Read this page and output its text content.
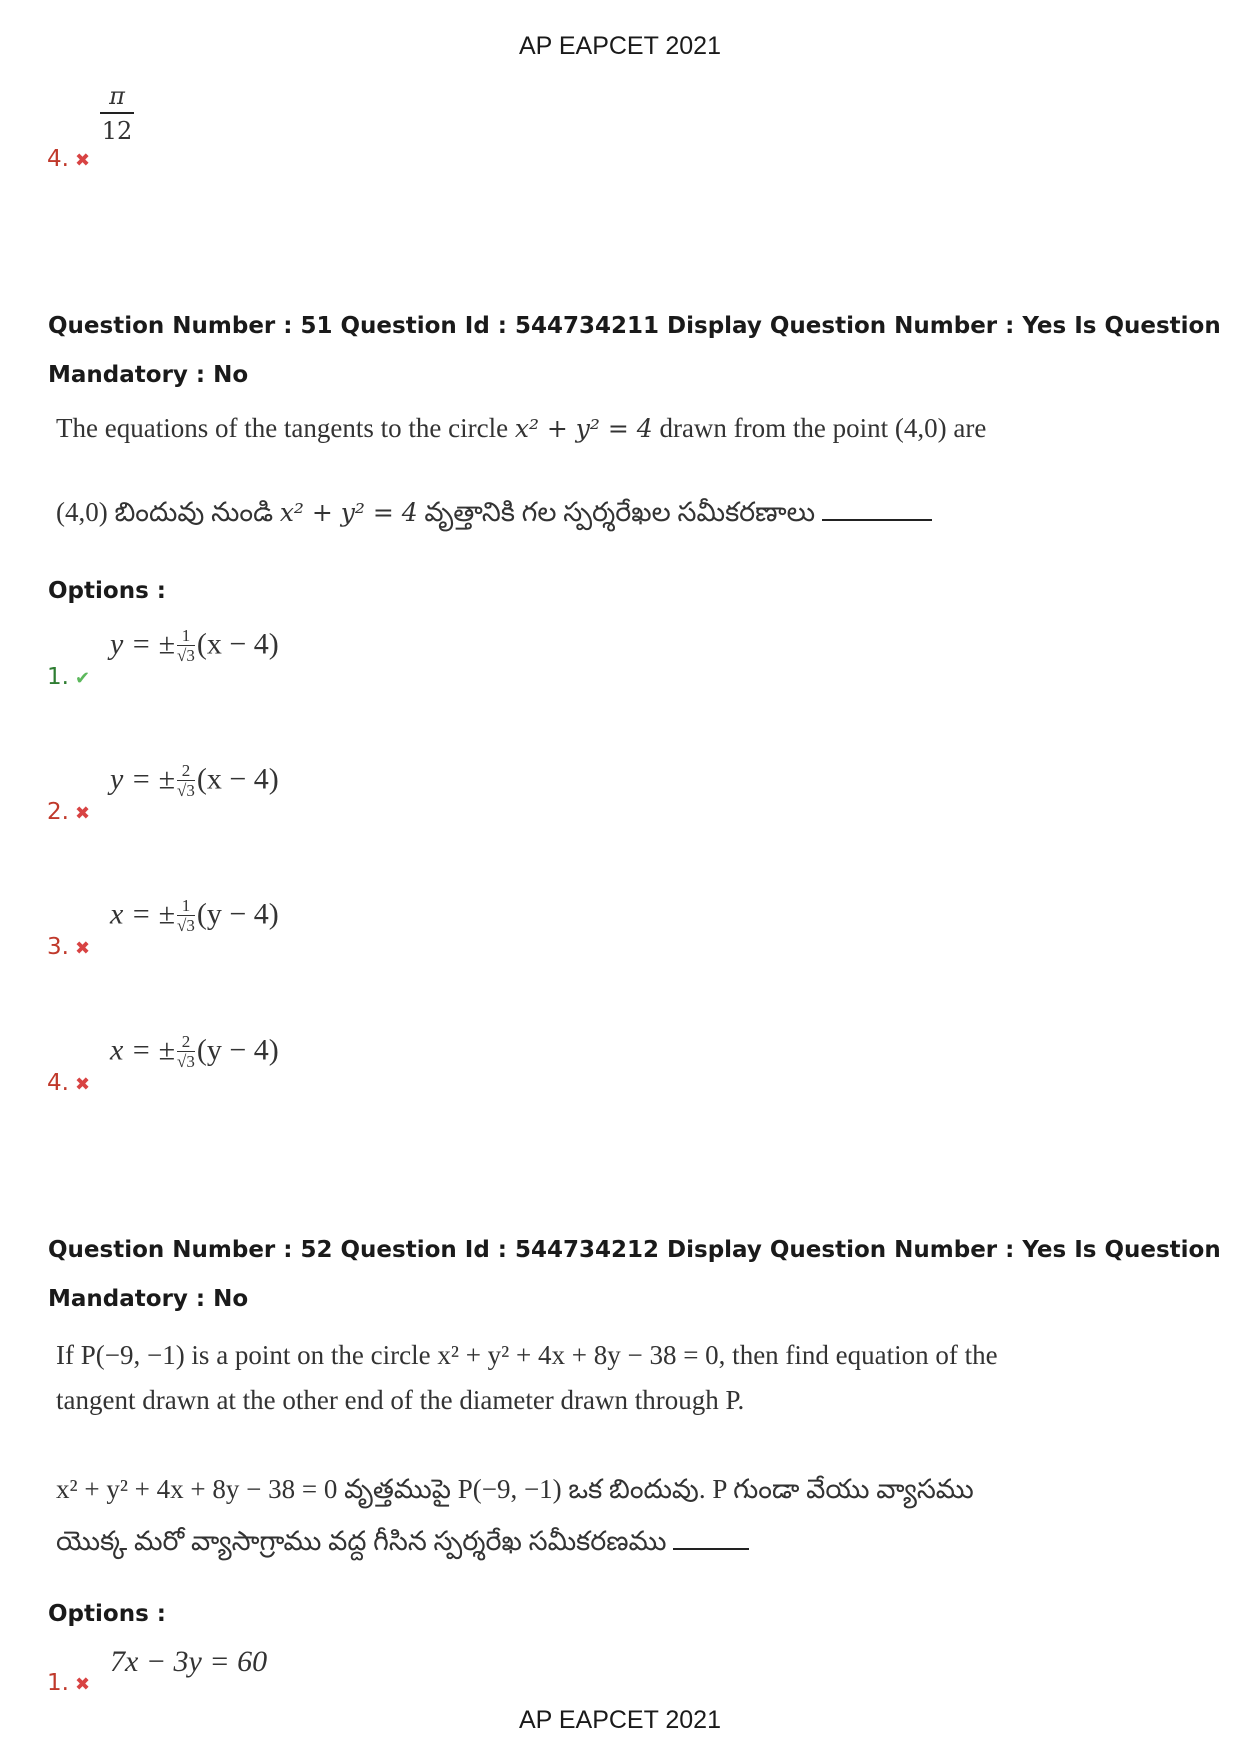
AP EAPCET 2021
4. ✖
$\frac{\pi}{12}$
Question Number : 51 Question Id : 544734211 Display Question Number : Yes Is Question
Mandatory : No
The equations of the tangents to the circle x² + y² = 4 drawn from the point (4,0) are
(4,0) బిందువు నుండి x² + y² = 4 వృత్తానికి గల స్పర్శరేఖల సమీకరణాలు
Options :
1. ✔
y = ± $\frac{1}{√3} (x - 4)$
2. ✖
y = ± $\frac{2}{√3} (x - 4)$
3. ✖
x = ± $\frac{1}{√3} (y - 4)$
4. ✖
x = ± $\frac{2}{√3} (y - 4)$
Question Number : 52 Question Id : 544734212 Display Question Number : Yes Is Question
Mandatory : No
If P(−9, −1) is a point on the circle x² + y² + 4x + 8y − 38 = 0, then find equation of the
tangent drawn at the other end of the diameter drawn through P.
x² + y² + 4x + 8y − 38 = 0 వృత్తముపై P(−9, −1) ఒక బిందువు. P గుండా వేయు వ్యాసము
యొక్క మరో వ్యాసాగ్రాము వద్ద గీసిన స్పర్శరేఖ సమీకరణము
Options :
1. ✖
7x − 3y = 60
AP EAPCET 2021
